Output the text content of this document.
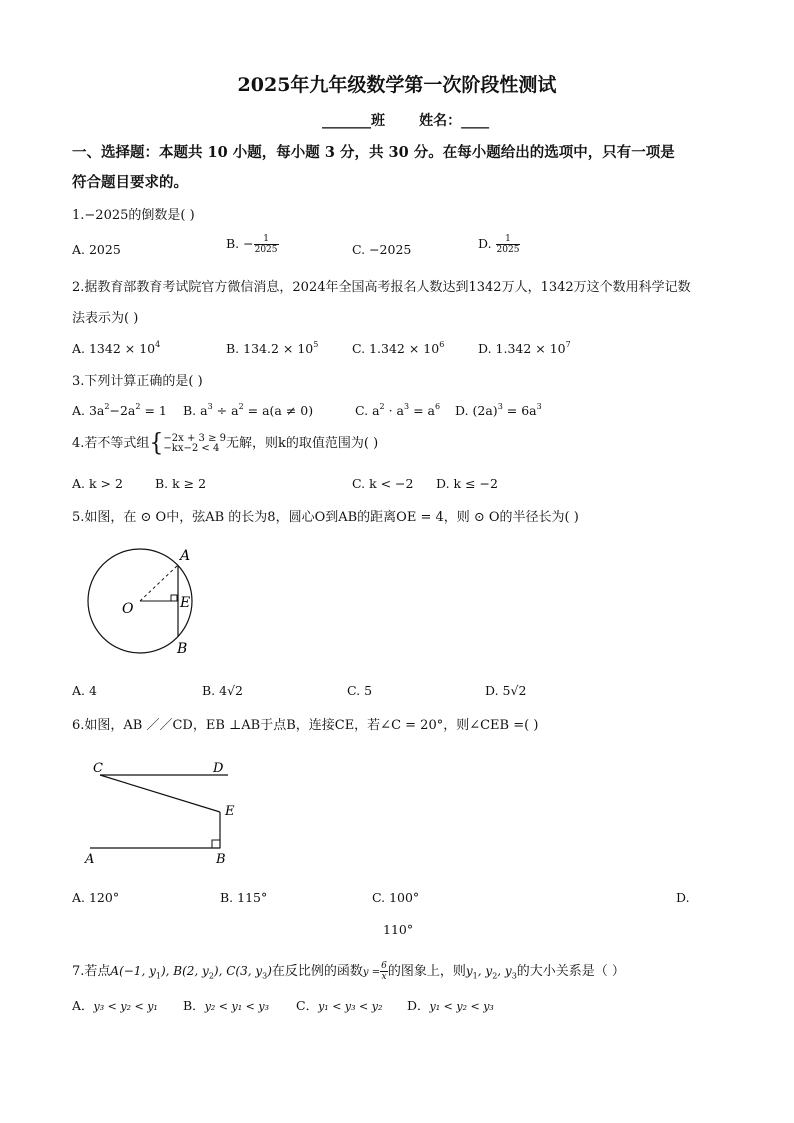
2025年九年级数学第一次阶段性测试
_______班 姓名：____
一、选择题：本题共 10 小题，每小题 3 分，共 30 分。在每小题给出的选项中，只有一项是
符合题目要求的。
1.−2025的倒数是( )
A. 2025	B. − $\frac{1}{2025}$	C. −2025	D. $\frac{1}{2025}$
2.据教育部教育考试院官方微信消息，2024年全国高考报名人数达到1342万人，1342万这个数用科学记数
法表示为( )
A. $1342 \times 10^4$	B. $134.2 \times 10^5$	C. $1.342 \times 10^6$	D. $1.342 \times 10^7$
3.下列计算正确的是( )
A. $3a^2-2a^2 = 1$ B. $a^3 \div a^2 = a(a \ne 0)$	C. $a^2 \cdot a^3 = a^6$ D. $(2a)^3 = 6a^3$
4.若不等式组{ −2x + 3 ≥ 9
−kx−2 < 4 无解，则k的取值范围为( )
A. k > 2	B. k ≥ 2	C. k < −2 D. k ≤ −2
5.如图，在 ⊙ O中，弦AB 的长为8，圆心O到AB的距离OE = 4，则 ⊙ O的半径长为( )
A
E
O
B
A. 4	B. 4√2	C. 5	D. 5√2
6.如图，AB ／／CD，EB ⊥AB于点B，连接CE，若∠C = 20°，则∠CEB =( )
C	D
E
A	B
A. 120°	B. 115°	C. 100°	D.
110°
7.若点A(−1, $y_1$), B(2, $y_2$), C(3, $y_3$)在反比例的函数$y = \frac{6}{x}$ 的图象上，则$y_1$, $y_2$, $y_3$的大小关系是（ ）
A．y₃ < y₂ < y₁ B．y₂ < y₁ < y₃ C．y₁ < y₃ < y₂ D．y₁ < y₂ < y₃
